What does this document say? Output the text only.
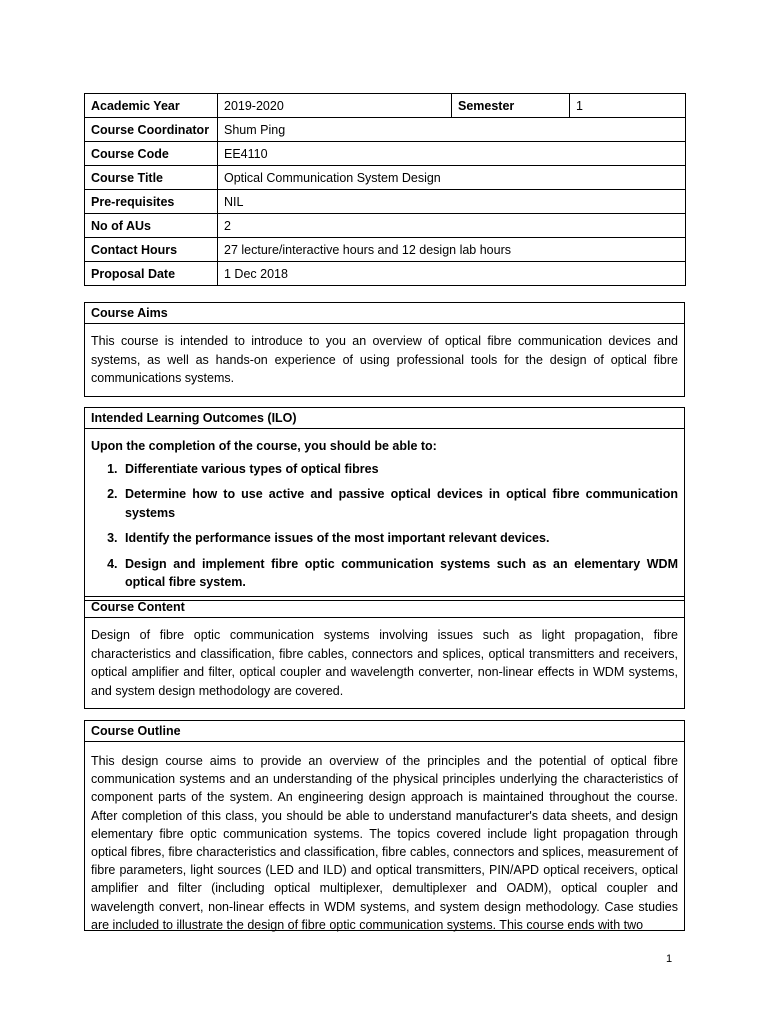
Academic Year	2019-2020	Semester	1
Course Coordinator	Shum Ping		
Course Code	EE4110		
Course Title	Optical Communication System Design		
Pre-requisites	NIL		
No of AUs	2		
Contact Hours	27 lecture/interactive hours and 12 design lab hours		
Proposal Date	1 Dec 2018		
Course Aims
This course is intended to introduce to you an overview of optical fibre communication devices and systems, as well as hands-on experience of using professional tools for the design of optical fibre communications systems.
Intended Learning Outcomes (ILO)
Upon the completion of the course, you should be able to:
1. Differentiate various types of optical fibres
2. Determine how to use active and passive optical devices in optical fibre communication systems
3. Identify the performance issues of the most important relevant devices.
4. Design and implement fibre optic communication systems such as an elementary WDM optical fibre system.
Course Content
Design of fibre optic communication systems involving issues such as light propagation, fibre characteristics and classification, fibre cables, connectors and splices, optical transmitters and receivers, optical amplifier and filter, optical coupler and wavelength converter, non-linear effects in WDM systems, and system design methodology are covered.
Course Outline
This design course aims to provide an overview of the principles and the potential of optical fibre communication systems and an understanding of the physical principles underlying the characteristics of component parts of the system. An engineering design approach is maintained throughout the course. After completion of this class, you should be able to understand manufacturer's data sheets, and design elementary fibre optic communication systems. The topics covered include light propagation through optical fibres, fibre characteristics and classification, fibre cables, connectors and splices, measurement of fibre parameters, light sources (LED and ILD) and optical transmitters, PIN/APD optical receivers, optical amplifier and filter (including optical multiplexer, demultiplexer and OADM), optical coupler and wavelength convert, non-linear effects in WDM systems, and system design methodology. Case studies are included to illustrate the design of fibre optic communication systems. This course ends with two
1
